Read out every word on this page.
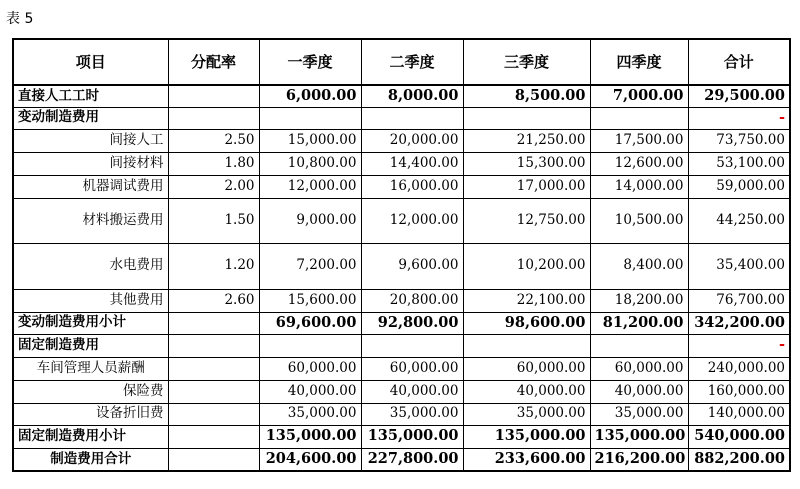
表 5
项目	分配率	一季度	二季度	三季度	四季度	合计
直接人工工时		6,000.00	8,000.00	8,500.00	7,000.00	29,500.00
变动制造费用						-
间接人工	2.50	15,000.00	20,000.00	21,250.00	17,500.00	73,750.00
间接材料	1.80	10,800.00	14,400.00	15,300.00	12,600.00	53,100.00
机器调试费用	2.00	12,000.00	16,000.00	17,000.00	14,000.00	59,000.00
材料搬运费用	1.50	9,000.00	12,000.00	12,750.00	10,500.00	44,250.00
水电费用	1.20	7,200.00	9,600.00	10,200.00	8,400.00	35,400.00
其他费用	2.60	15,600.00	20,800.00	22,100.00	18,200.00	76,700.00
变动制造费用小计		69,600.00	92,800.00	98,600.00	81,200.00	342,200.00
固定制造费用						-
车间管理人员薪酬		60,000.00	60,000.00	60,000.00	60,000.00	240,000.00
保险费		40,000.00	40,000.00	40,000.00	40,000.00	160,000.00
设备折旧费		35,000.00	35,000.00	35,000.00	35,000.00	140,000.00
固定制造费用小计		135,000.00	135,000.00	135,000.00	135,000.00	540,000.00
制造费用合计		204,600.00	227,800.00	233,600.00	216,200.00	882,200.00
